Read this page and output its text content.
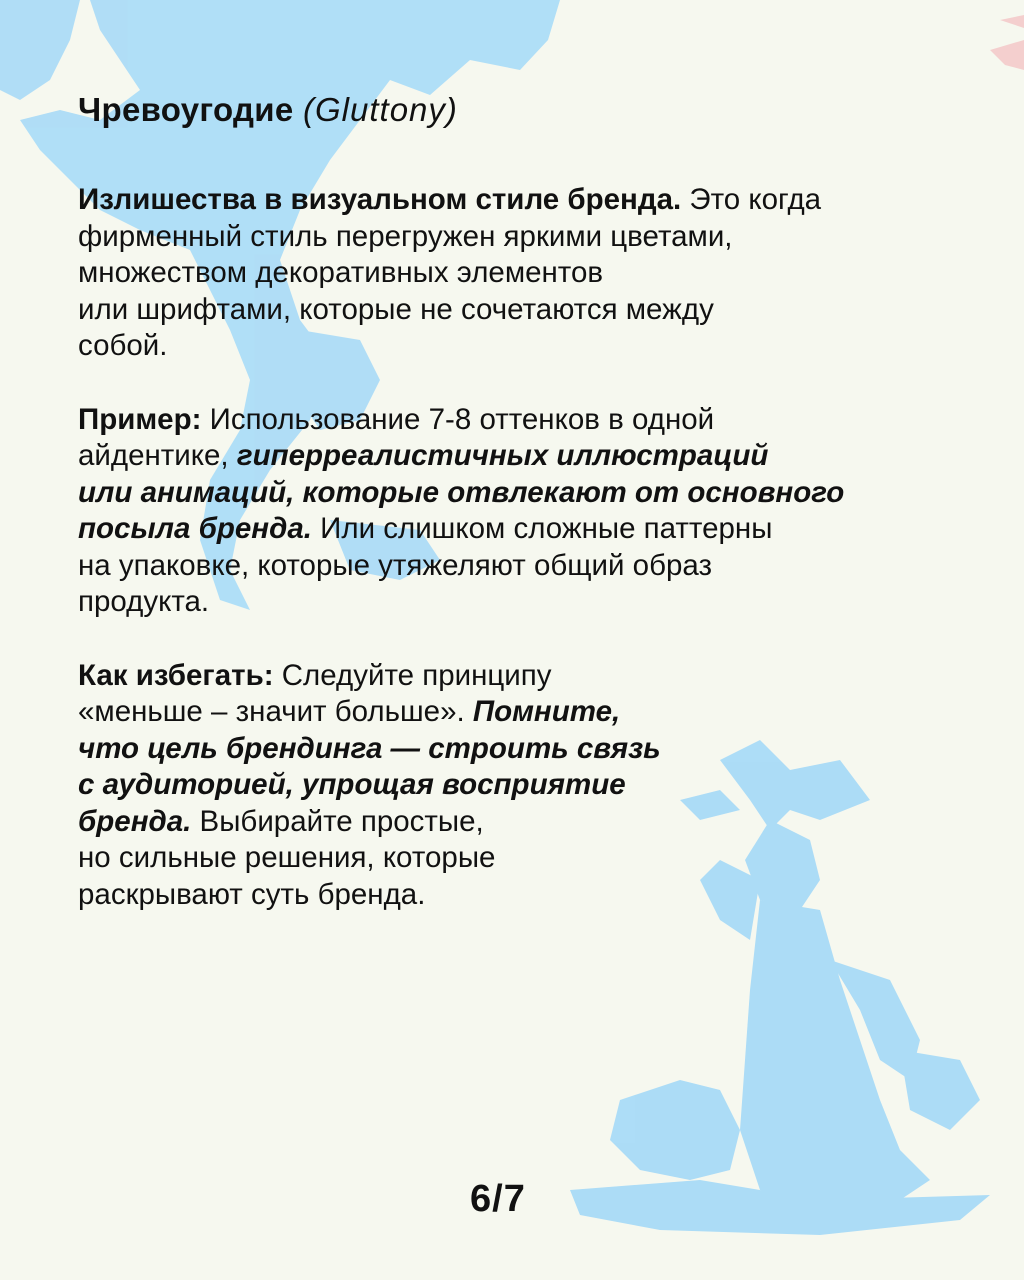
Чревоугодие (Gluttony)
Излишества в визуальном стиле бренда. Это когда
фирменный стиль перегружен яркими цветами,
множеством декоративных элементов
или шрифтами, которые не сочетаются между
собой.
Пример: Использование 7-8 оттенков в одной
айдентике, гиперреалистичных иллюстраций
или анимаций, которые отвлекают от основного
посыла бренда. Или слишком сложные паттерны
на упаковке, которые утяжеляют общий образ
продукта.
Как избегать: Следуйте принципу
«меньше – значит больше». Помните,
что цель брендинга — строить связь
с аудиторией, упрощая восприятие
бренда. Выбирайте простые,
но сильные решения, которые
раскрывают суть бренда.
6/7
